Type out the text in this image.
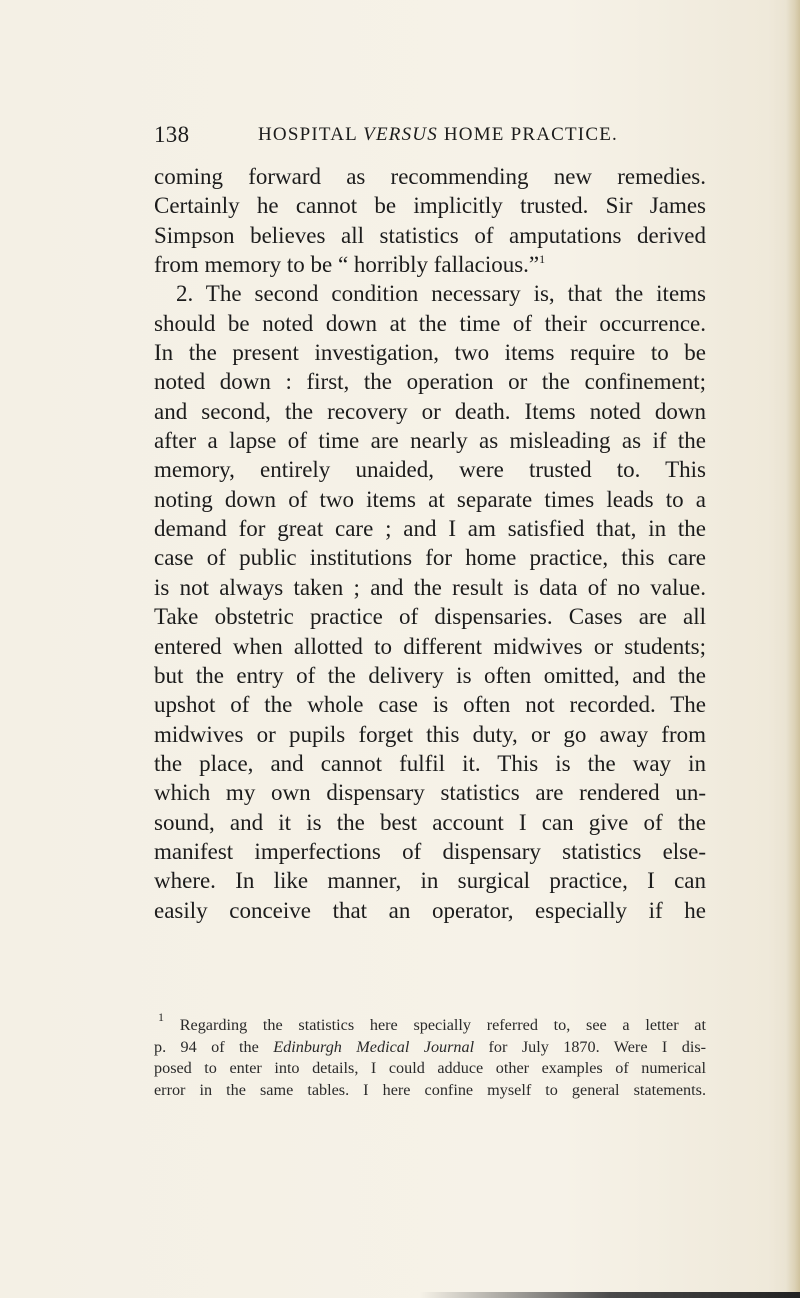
138	HOSPITAL VERSUS HOME PRACTICE.
coming forward as recommending new remedies.
Certainly he cannot be implicitly trusted. Sir James
Simpson believes all statistics of amputations derived
from memory to be “ horribly fallacious.”$^1$
2. The second condition necessary is, that the items
should be noted down at the time of their occurrence.
In the present investigation, two items require to be
noted down : first, the operation or the confinement;
and second, the recovery or death. Items noted down
after a lapse of time are nearly as misleading as if the
memory, entirely unaided, were trusted to. This
noting down of two items at separate times leads to a
demand for great care ; and I am satisfied that, in the
case of public institutions for home practice, this care
is not always taken ; and the result is data of no value.
Take obstetric practice of dispensaries. Cases are all
entered when allotted to different midwives or students;
but the entry of the delivery is often omitted, and the
upshot of the whole case is often not recorded. The
midwives or pupils forget this duty, or go away from
the place, and cannot fulfil it. This is the way in
which my own dispensary statistics are rendered un-
sound, and it is the best account I can give of the
manifest imperfections of dispensary statistics else-
where. In like manner, in surgical practice, I can
easily conceive that an operator, especially if he
$^1$ Regarding the statistics here specially referred to, see a letter at
p. 94 of the Edinburgh Medical Journal for July 1870. Were I dis-
posed to enter into details, I could adduce other examples of numerical
error in the same tables. I here confine myself to general statements.
